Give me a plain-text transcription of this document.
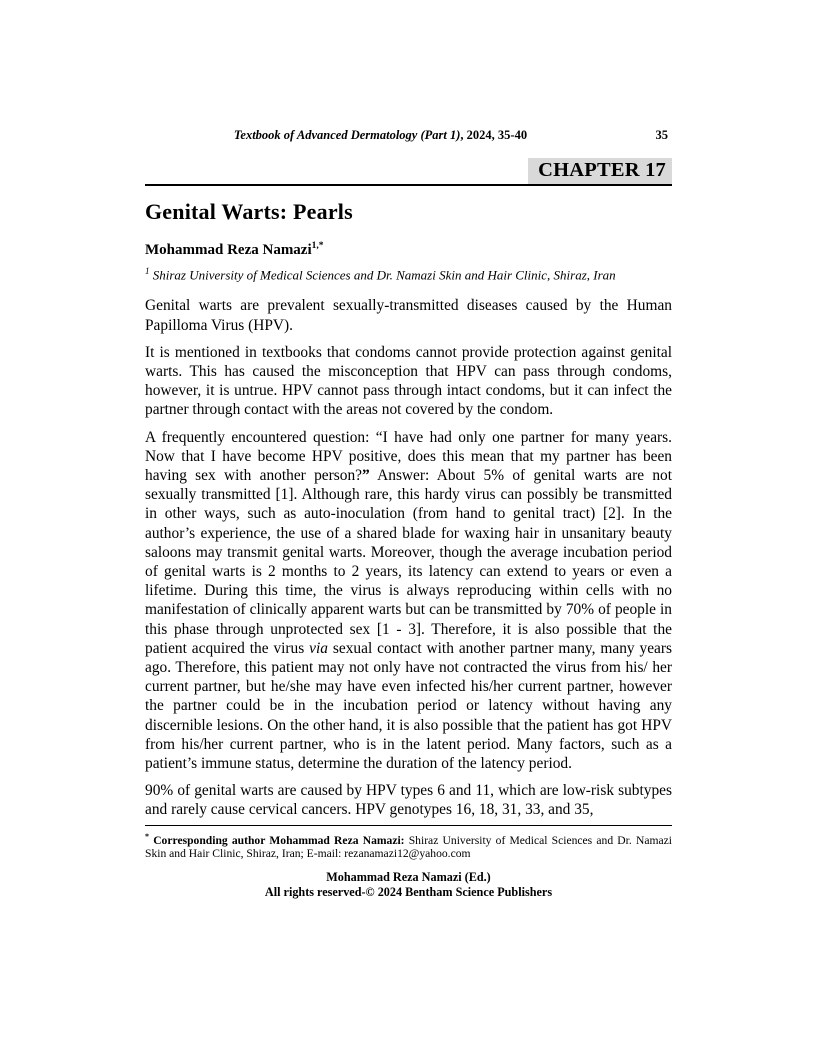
Textbook of Advanced Dermatology (Part 1), 2024, 35-40	35
CHAPTER 17
Genital Warts: Pearls
Mohammad Reza Namazi$^{1,*}$
$^1$ Shiraz University of Medical Sciences and Dr. Namazi Skin and Hair Clinic, Shiraz, Iran

Genital warts are prevalent sexually-transmitted diseases caused by the Human Papilloma Virus (HPV).

It is mentioned in textbooks that condoms cannot provide protection against genital warts. This has caused the misconception that HPV can pass through condoms, however, it is untrue. HPV cannot pass through intact condoms, but it can infect the partner through contact with the areas not covered by the condom.

A frequently encountered question: “I have had only one partner for many years. Now that I have become HPV positive, does this mean that my partner has been having sex with another person?” Answer: About 5% of genital warts are not sexually transmitted [1]. Although rare, this hardy virus can possibly be transmitted in other ways, such as auto-inoculation (from hand to genital tract) [2]. In the author’s experience, the use of a shared blade for waxing hair in unsanitary beauty saloons may transmit genital warts. Moreover, though the average incubation period of genital warts is 2 months to 2 years, its latency can extend to years or even a lifetime. During this time, the virus is always reproducing within cells with no manifestation of clinically apparent warts but can be transmitted by 70% of people in this phase through unprotected sex [1 - 3]. Therefore, it is also possible that the patient acquired the virus via sexual contact with another partner many, many years ago. Therefore, this patient may not only have not contracted the virus from his/ her current partner, but he/she may have even infected his/her current partner, however the partner could be in the incubation period or latency without having any discernible lesions. On the other hand, it is also possible that the patient has got HPV from his/her current partner, who is in the latent period. Many factors, such as a patient’s immune status, determine the duration of the latency period.

90% of genital warts are caused by HPV types 6 and 11, which are low-risk subtypes and rarely cause cervical cancers. HPV genotypes 16, 18, 31, 33, and 35,

* Corresponding author Mohammad Reza Namazi: Shiraz University of Medical Sciences and Dr. Namazi Skin and Hair Clinic, Shiraz, Iran; E-mail: rezanamazi12@yahoo.com
Mohammad Reza Namazi (Ed.)
All rights reserved-© 2024 Bentham Science Publishers
